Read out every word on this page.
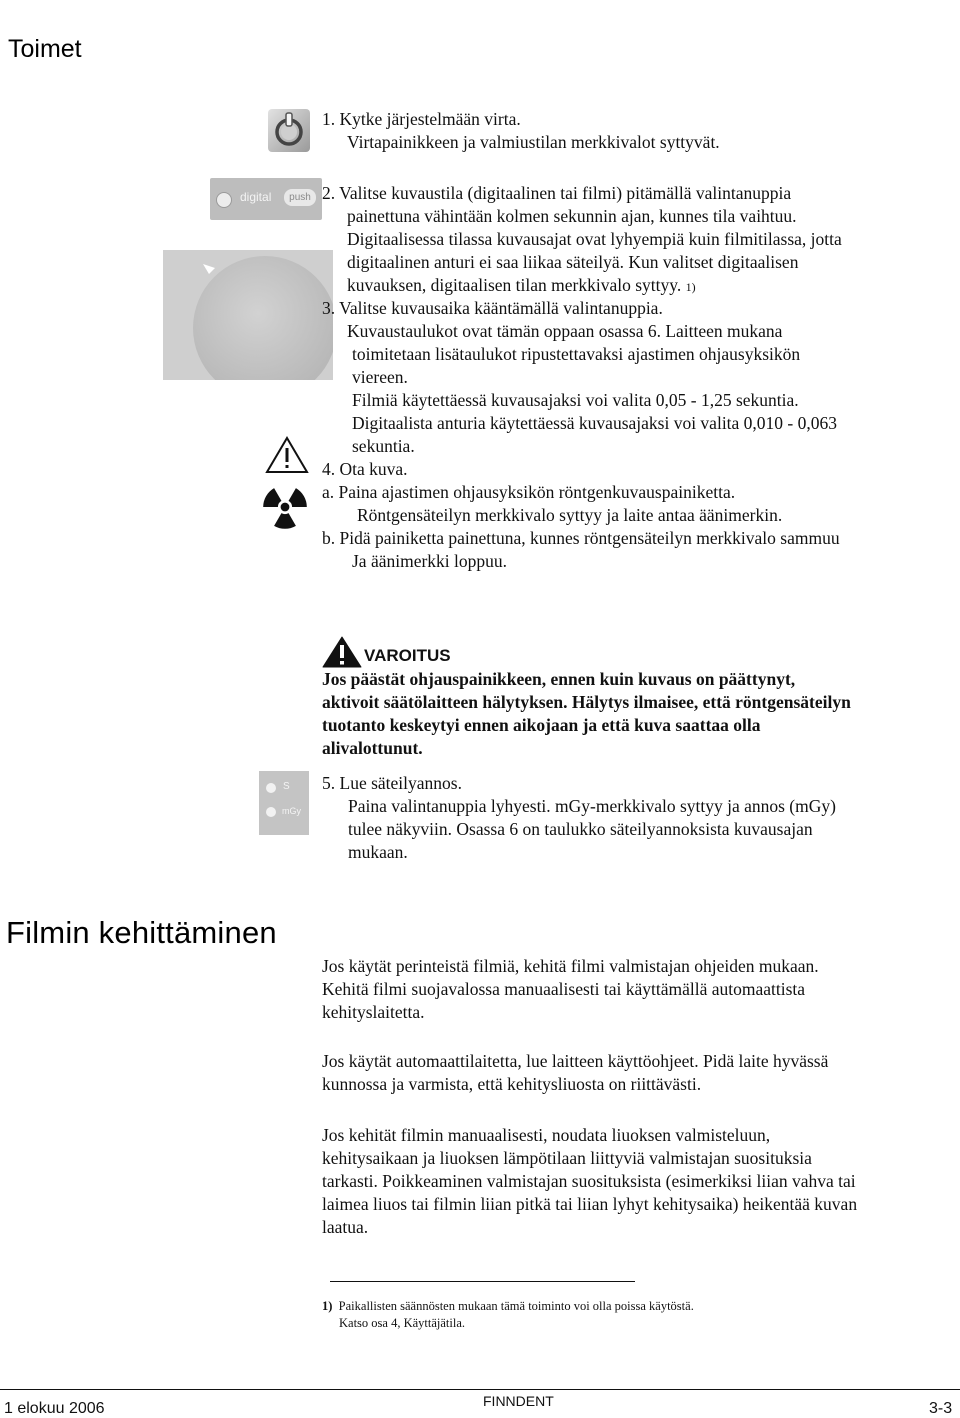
Toimet
digital	push
1. Kytke järjestelmään virta.
Virtapainikkeen ja valmiustilan merkkivalot syttyvät.
2. Valitse kuvaustila (digitaalinen tai filmi) pitämällä valintanuppia
painettuna vähintään kolmen sekunnin ajan, kunnes tila vaihtuu.
Digitaalisessa tilassa kuvausajat ovat lyhyempiä kuin filmitilassa, jotta
digitaalinen anturi ei saa liikaa säteilyä. Kun valitset digitaalisen
kuvauksen, digitaalisen tilan merkkivalo syttyy. 1)
3. Valitse kuvausaika kääntämällä valintanuppia.
Kuvaustaulukot ovat tämän oppaan osassa 6. Laitteen mukana
toimitetaan lisätaulukot ripustettavaksi ajastimen ohjausyksikön
viereen.
Filmiä käytettäessä kuvausajaksi voi valita 0,05 - 1,25 sekuntia.
Digitaalista anturia käytettäessä kuvausajaksi voi valita 0,010 - 0,063
sekuntia.
4. Ota kuva.
a. Paina ajastimen ohjausyksikön röntgenkuvauspainiketta.
Röntgensäteilyn merkkivalo syttyy ja laite antaa äänimerkin.
b. Pidä painiketta painettuna, kunnes röntgensäteilyn merkkivalo sammuu
Ja äänimerkki loppuu.
VAROITUS
Jos päästät ohjauspainikkeen, ennen kuin kuvaus on päättynyt,
aktivoit säätölaitteen hälytyksen. Hälytys ilmaisee, että röntgensäteilyn
tuotanto keskeytyi ennen aikojaan ja että kuva saattaa olla
alivalottunut.
S
mGy
5. Lue säteilyannos.
Paina valintanuppia lyhyesti. mGy-merkkivalo syttyy ja annos (mGy)
tulee näkyviin. Osassa 6 on taulukko säteilyannoksista kuvausajan
mukaan.
Filmin kehittäminen
Jos käytät perinteistä filmiä, kehitä filmi valmistajan ohjeiden mukaan.
Kehitä filmi suojavalossa manuaalisesti tai käyttämällä automaattista
kehityslaitetta.
Jos käytät automaattilaitetta, lue laitteen käyttöohjeet. Pidä laite hyvässä
kunnossa ja varmista, että kehitysliuosta on riittävästi.
Jos kehität filmin manuaalisesti, noudata liuoksen valmisteluun,
kehitysaikaan ja liuoksen lämpötilaan liittyviä valmistajan suosituksia
tarkasti. Poikkeaminen valmistajan suosituksista (esimerkiksi liian vahva tai
laimea liuos tai filmin liian pitkä tai liian lyhyt kehitysaika) heikentää kuvan
laatua.
1) Paikallisten säännösten mukaan tämä toiminto voi olla poissa käytöstä.
Katso osa 4, Käyttäjätila.
1 elokuu 2006	FINNDENT	3-3
